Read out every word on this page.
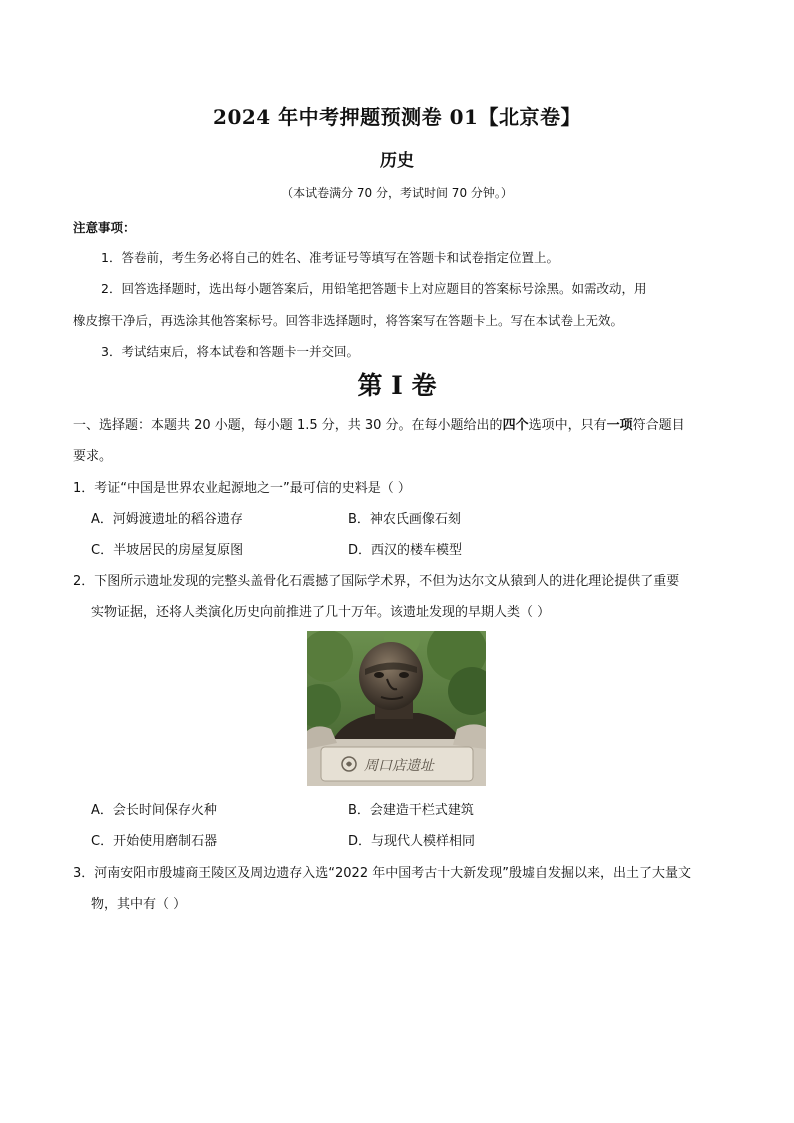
2024 年中考押题预测卷 01【北京卷】
历史
（本试卷满分 70 分，考试时间 70 分钟。）
注意事项：
1．答卷前，考生务必将自己的姓名、准考证号等填写在答题卡和试卷指定位置上。
2．回答选择题时，选出每小题答案后，用铅笔把答题卡上对应题目的答案标号涂黑。如需改动，用
橡皮擦干净后，再选涂其他答案标号。回答非选择题时，将答案写在答题卡上。写在本试卷上无效。
3．考试结束后，将本试卷和答题卡一并交回。
第 I 卷
一、选择题：本题共 20 小题，每小题 1.5 分，共 30 分。在每小题给出的四个选项中，只有一项符合题目
要求。
1．考证“中国是世界农业起源地之一”最可信的史料是（ ）
A．河姆渡遗址的稻谷遗存	B．神农氏画像石刻
C．半坡居民的房屋复原图	D．西汉的楼车模型
2．下图所示遗址发现的完整头盖骨化石震撼了国际学术界，不但为达尔文从猿到人的进化理论提供了重要
实物证据，还将人类演化历史向前推进了几十万年。该遗址发现的早期人类（ ）
周口店遗址
A．会长时间保存火种	B．会建造干栏式建筑
C．开始使用磨制石器	D．与现代人模样相同
3．河南安阳市殷墟商王陵区及周边遗存入选“2022 年中国考古十大新发现”殷墟自发掘以来，出土了大量文
物，其中有（ ）
